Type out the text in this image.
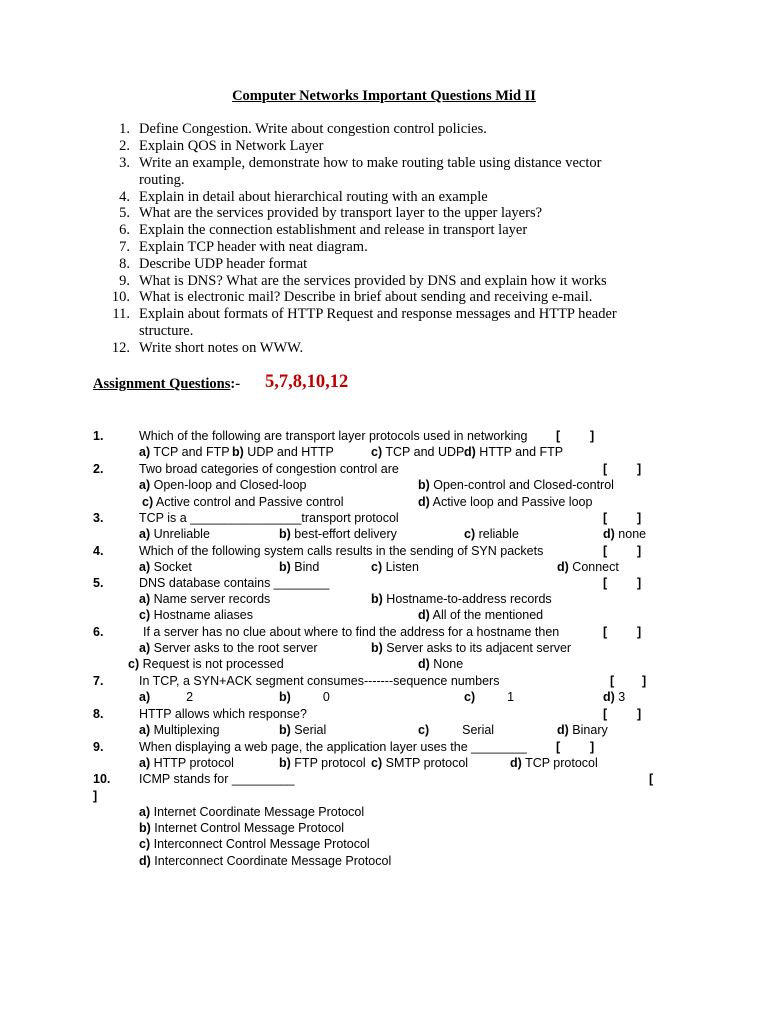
Computer Networks Important Questions Mid II
1. Define Congestion. Write about congestion control policies.
2. Explain QOS in Network Layer
3. Write an example, demonstrate how to make routing table using distance vector
routing.
4. Explain in detail about hierarchical routing with an example
5. What are the services provided by transport layer to the upper layers?
6. Explain the connection establishment and release in transport layer
7. Explain TCP header with neat diagram.
8. Describe UDP header format
9. What is DNS? What are the services provided by DNS and explain how it works
10. What is electronic mail? Describe in brief about sending and receiving e-mail.
11. Explain about formats of HTTP Request and response messages and HTTP header
structure.
12. Write short notes on WWW.
Assignment Questions:- 5,7,8,10,12
1.	Which of the following are transport layer protocols used in networking [ ]
a) TCP and FTP b) UDP and HTTP	c) TCP and UDP d) HTTP and FTP
2.	Two broad categories of congestion control are	[ ]
a) Open-loop and Closed-loop	b) Open-control and Closed-control
c) Active control and Passive control	d) Active loop and Passive loop
3.	TCP is a ________________transport protocol	[ ]
a) Unreliable	b) best-effort delivery	c) reliable	d) none
4.	Which of the following system calls results in the sending of SYN packets	[ ]
a) Socket	b) Bind	c) Listen	d) Connect
5.	DNS database contains ________	[ ]
a) Name server records	b) Hostname-to-address records
c) Hostname aliases	d) All of the mentioned
6.	If a server has no clue about where to find the address for a hostname then	[ ]
a) Server asks to the root server	b) Server asks to its adjacent server
c) Request is not processed	d) None
7.	In TCP, a SYN+ACK segment consumes-------sequence numbers	[ ]
a)	2	b)	0	c)	1	d) 3
8.	HTTP allows which response?	[ ]
a) Multiplexing	b) Serial	c)	Serial	d) Binary
9.	When displaying a web page, the application layer uses the ________ [ ]
a) HTTP protocol	b) FTP protocol c) SMTP protocol	d) TCP protocol
10. ICMP stands for _________	[
]
a) Internet Coordinate Message Protocol
b) Internet Control Message Protocol
c) Interconnect Control Message Protocol
d) Interconnect Coordinate Message Protocol
